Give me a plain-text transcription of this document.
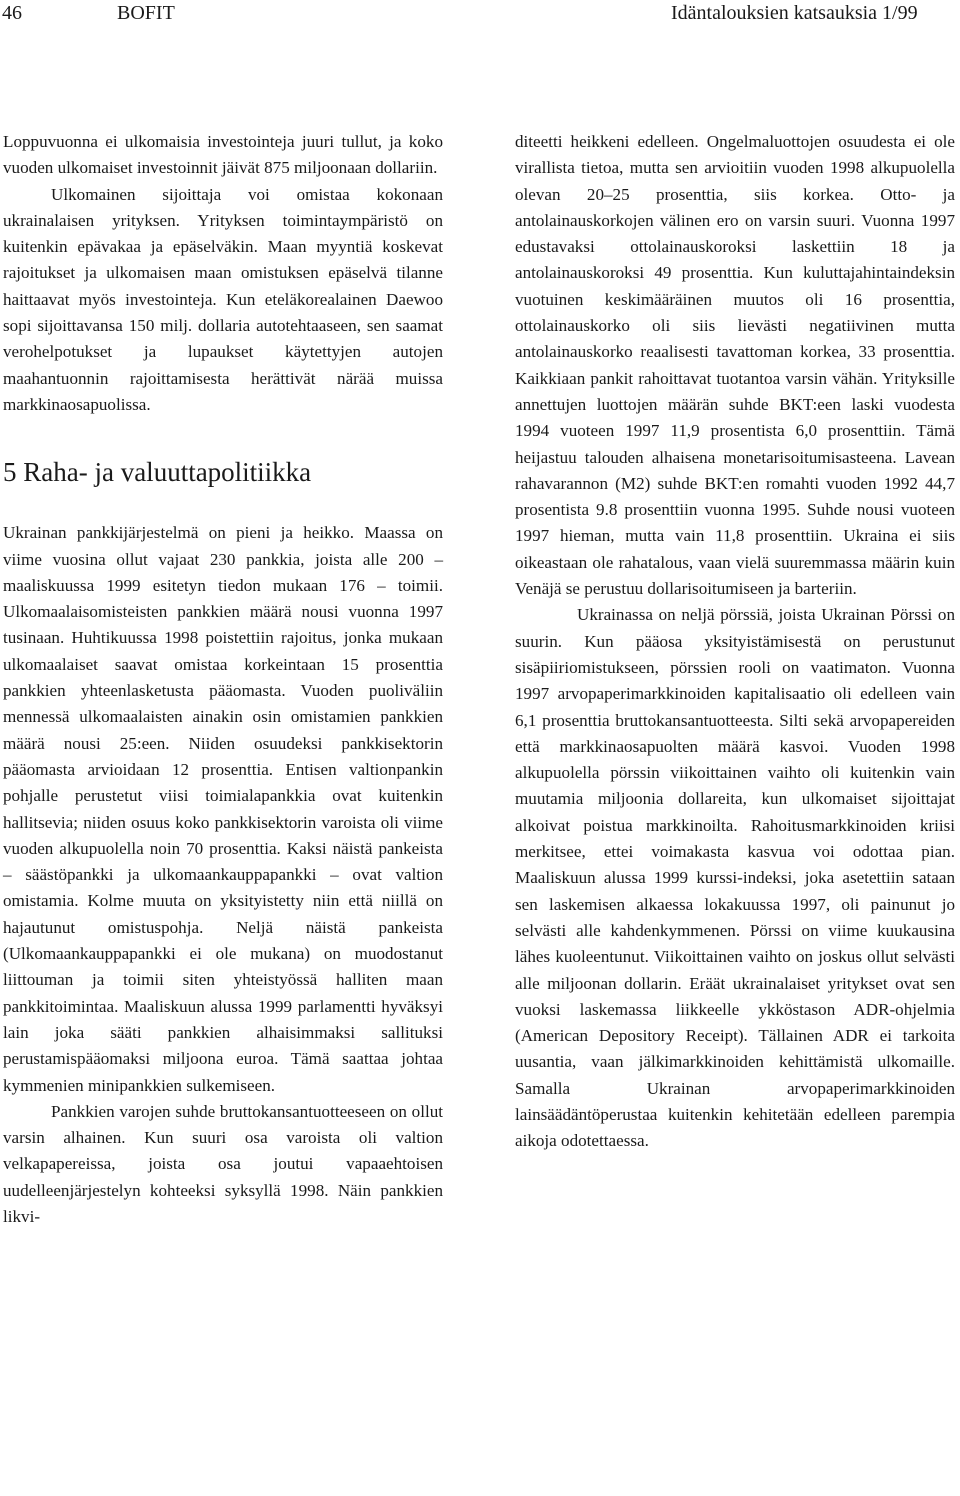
46	BOFIT	Idäntalouksien katsauksia 1/99

Loppuvuonna ei ulkomaisia investointeja juuri tullut, ja koko vuoden ulkomaiset investoinnit jäivät 875 miljoonaan dollariin.

Ulkomainen sijoittaja voi omistaa kokonaan ukrainalaisen yrityksen. Yrityksen toimintaympäristö on kuitenkin epävakaa ja epäselväkin. Maan myyntiä koskevat rajoitukset ja ulkomaisen maan omistuksen epäselvä tilanne haittaavat myös investointeja. Kun eteläkorealainen Daewoo sopi sijoittavansa 150 milj. dollaria autotehtaaseen, sen saamat verohelpotukset ja lupaukset käytettyjen autojen maahantuonnin rajoittamisesta herättivät närää muissa markkinaosapuolissa.

5 Raha- ja valuuttapolitiikka

Ukrainan pankkijärjestelmä on pieni ja heikko. Maassa on viime vuosina ollut vajaat 230 pankkia, joista alle 200 – maaliskuussa 1999 esitetyn tiedon mukaan 176 – toimii. Ulkomaalaisomisteisten pankkien määrä nousi vuonna 1997 tusinaan. Huhtikuussa 1998 poistettiin rajoitus, jonka mukaan ulkomaalaiset saavat omistaa korkeintaan 15 prosenttia pankkien yhteenlasketusta pääomasta. Vuoden puoliväliin mennessä ulkomaalaisten ainakin osin omistamien pankkien määrä nousi 25:een. Niiden osuudeksi pankkisektorin pääomasta arvioidaan 12 prosenttia. Entisen valtionpankin pohjalle perustetut viisi toimialapankkia ovat kuitenkin hallitsevia; niiden osuus koko pankkisektorin varoista oli viime vuoden alkupuolella noin 70 prosenttia. Kaksi näistä pankeista – säästöpankki ja ulkomaankauppapankki – ovat valtion omistamia. Kolme muuta on yksityistetty niin että niillä on hajautunut omistuspohja. Neljä näistä pankeista (Ulkomaankauppapankki ei ole mukana) on muodostanut liittouman ja toimii siten yhteistyössä halliten maan pankkitoimintaa. Maaliskuun alussa 1999 parlamentti hyväksyi lain joka sääti pankkien alhaisimmaksi sallituksi perustamispääomaksi miljoona euroa. Tämä saattaa johtaa kymmenien minipankkien sulkemiseen.

Pankkien varojen suhde bruttokansantuotteeseen on ollut varsin alhainen. Kun suuri osa varoista oli valtion velkapapereissa, joista osa joutui vapaaehtoisen uudelleenjärjestelyn kohteeksi syksyllä 1998. Näin pankkien likvi-

diteetti heikkeni edelleen. Ongelmaluottojen osuudesta ei ole virallista tietoa, mutta sen arvioitiin vuoden 1998 alkupuolella olevan 20–25 prosenttia, siis korkea. Otto- ja antolainauskorkojen välinen ero on varsin suuri. Vuonna 1997 edustavaksi ottolainauskoroksi laskettiin 18 ja antolainauskoroksi 49 prosenttia. Kun kuluttajahintaindeksin vuotuinen keskimääräinen muutos oli 16 prosenttia, ottolainauskorko oli siis lievästi negatiivinen mutta antolainauskorko reaalisesti tavattoman korkea, 33 prosenttia. Kaikkiaan pankit rahoittavat tuotantoa varsin vähän. Yrityksille annettujen luottojen määrän suhde BKT:een laski vuodesta 1994 vuoteen 1997 11,9 prosentista 6,0 prosenttiin. Tämä heijastuu talouden alhaisena monetarisoitumisasteena. Lavean rahavarannon (M2) suhde BKT:en romahti vuoden 1992 44,7 prosentista 9.8 prosenttiin vuonna 1995. Suhde nousi vuoteen 1997 hieman, mutta vain 11,8 prosenttiin. Ukraina ei siis oikeastaan ole rahatalous, vaan vielä suuremmassa määrin kuin Venäjä se perustuu dollarisoitumiseen ja barteriin.

Ukrainassa on neljä pörssiä, joista Ukrainan Pörssi on suurin. Kun pääosa yksityistämisestä on perustunut sisäpiiriomistukseen, pörssien rooli on vaatimaton. Vuonna 1997 arvopaperimarkkinoiden kapitalisaatio oli edelleen vain 6,1 prosenttia bruttokansantuotteesta. Silti sekä arvopapereiden että markkinaosapuolten määrä kasvoi. Vuoden 1998 alkupuolella pörssin viikoittainen vaihto oli kuitenkin vain muutamia miljoonia dollareita, kun ulkomaiset sijoittajat alkoivat poistua markkinoilta. Rahoitusmarkkinoiden kriisi merkitsee, ettei voimakasta kasvua voi odottaa pian. Maaliskuun alussa 1999 kurssi-indeksi, joka asetettiin sataan sen laskemisen alkaessa lokakuussa 1997, oli painunut jo selvästi alle kahdenkymmenen. Pörssi on viime kuukausina lähes kuoleentunut. Viikoittainen vaihto on joskus ollut selvästi alle miljoonan dollarin. Eräät ukrainalaiset yritykset ovat sen vuoksi laskemassa liikkeelle ykköstason ADR-ohjelmia (American Depository Receipt). Tällainen ADR ei tarkoita uusantia, vaan jälkimarkkinoiden kehittämistä ulkomaille. Samalla Ukrainan arvopaperimarkkinoiden lainsäädäntöperustaa kuitenkin kehitetään edelleen parempia aikoja odotettaessa.
